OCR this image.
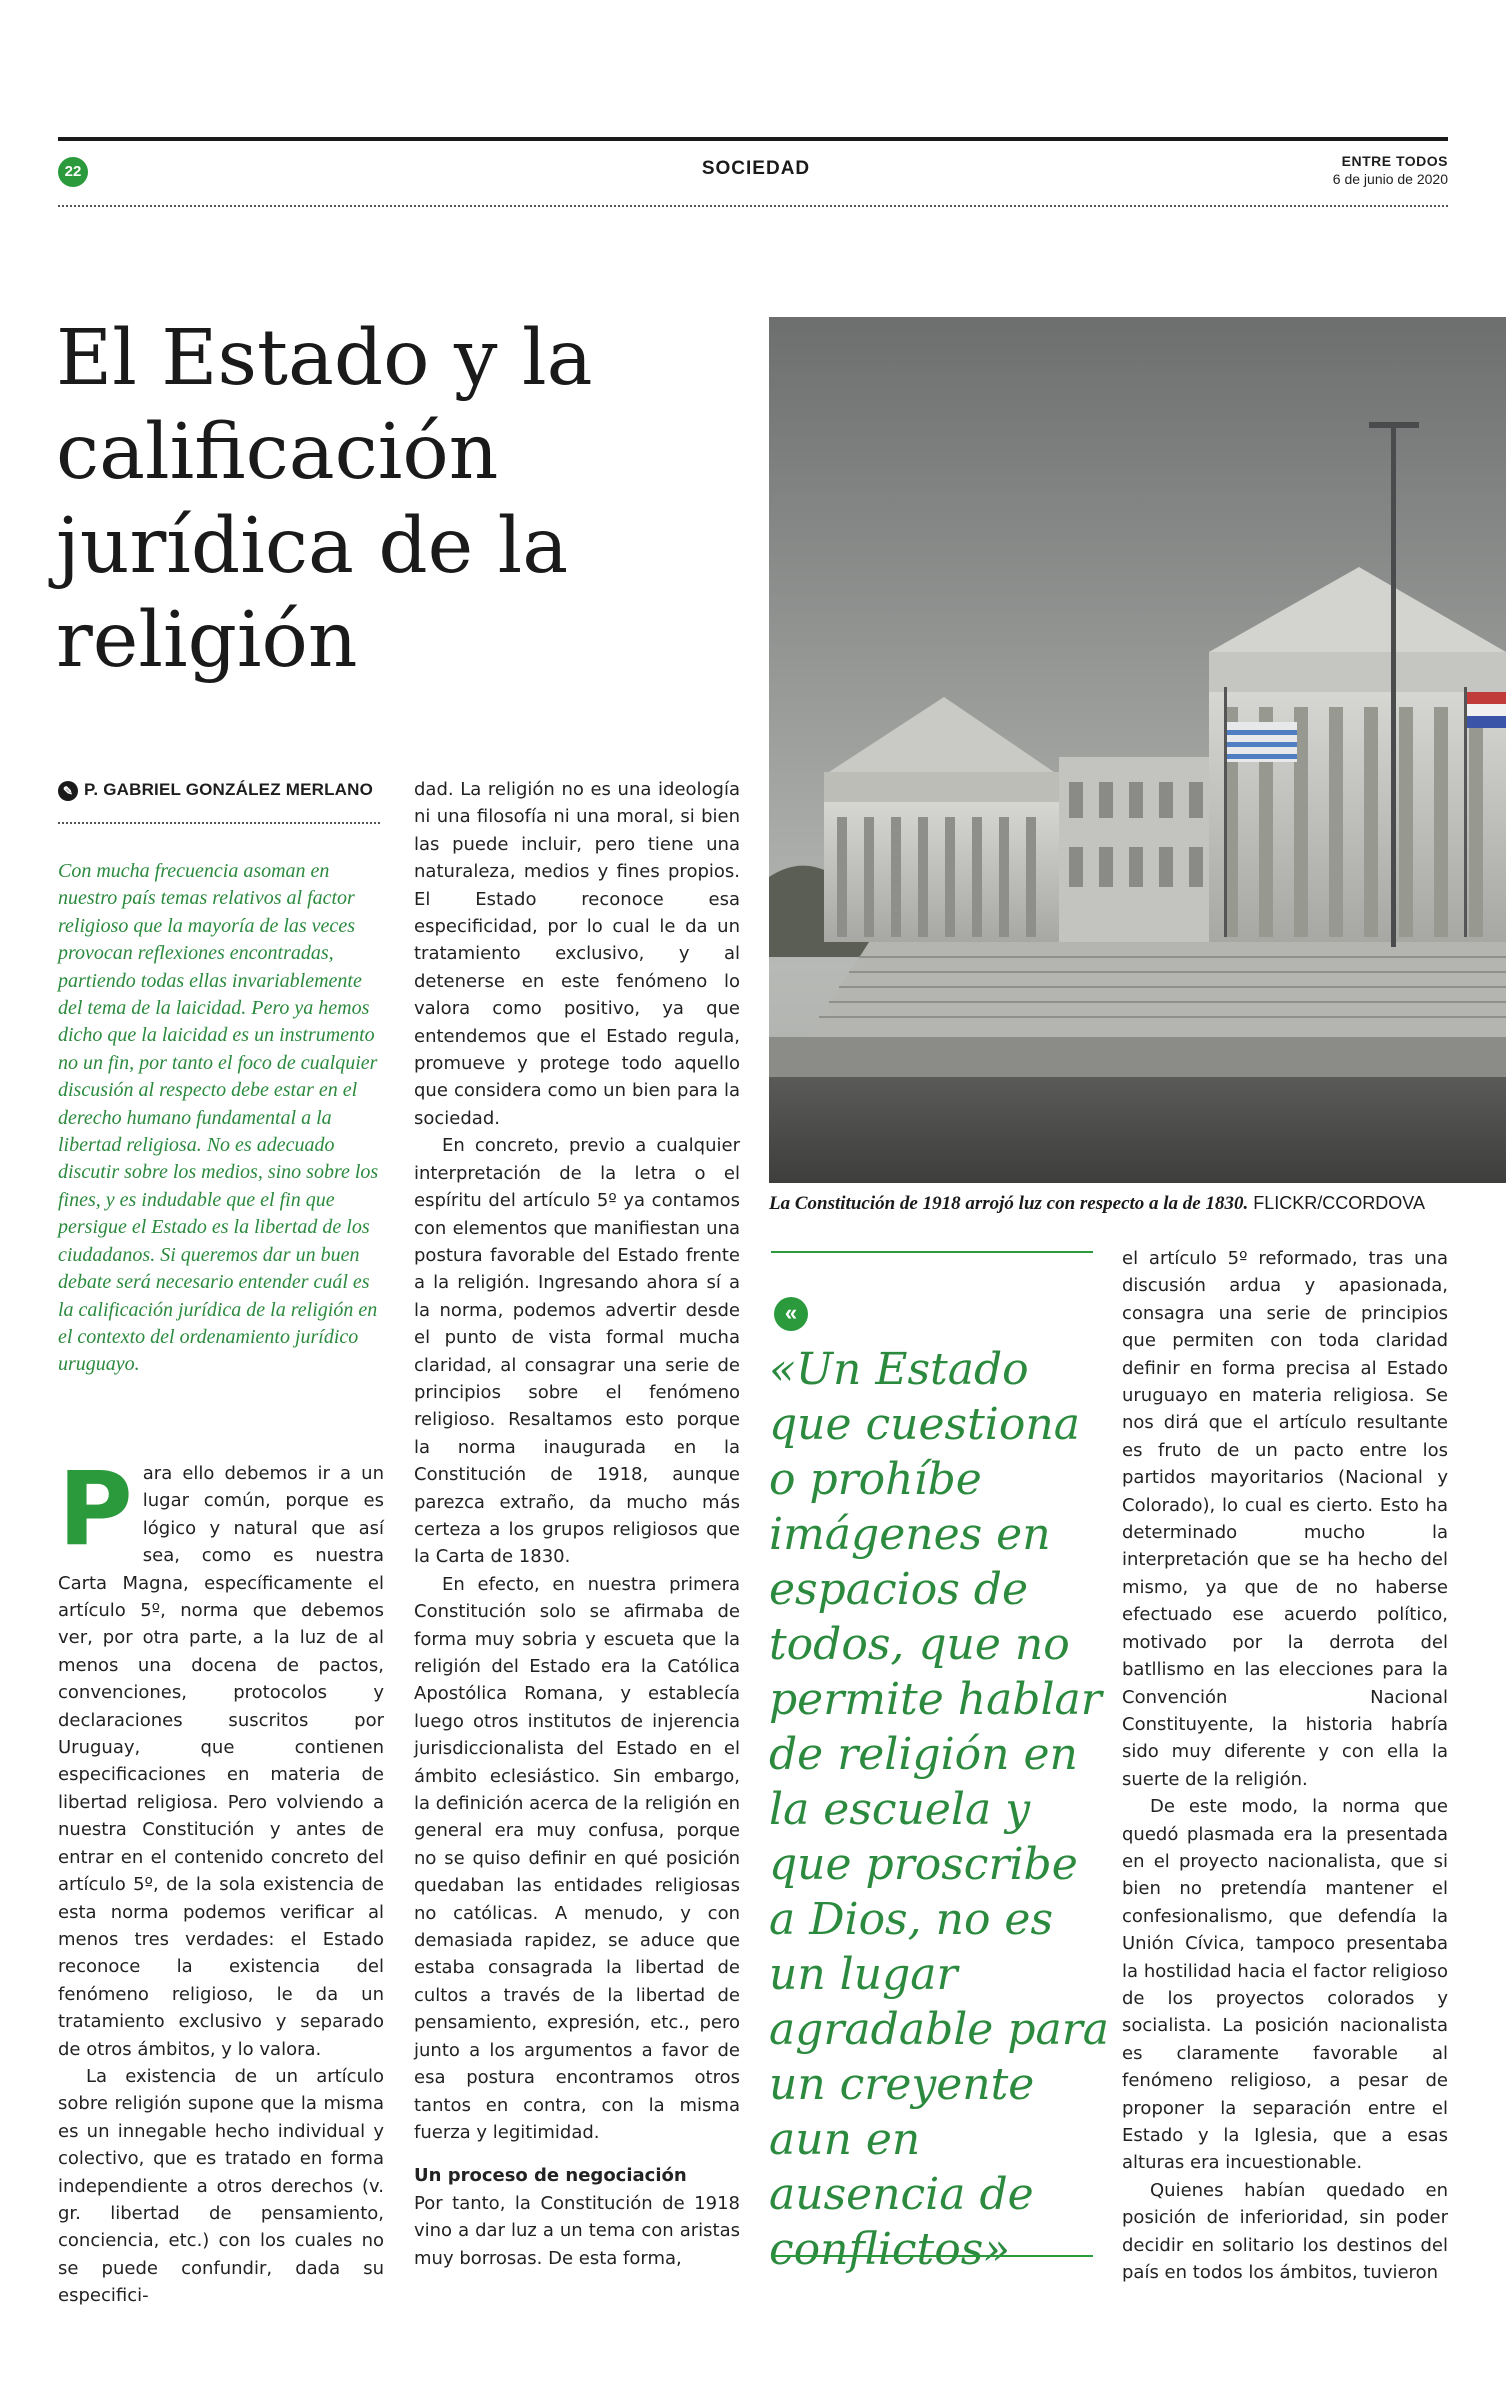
22	SOCIEDAD	ENTRE TODOS
6 de junio de 2020
El Estado y la calificación jurídica de la religión
La Constitución de 1918 arrojó luz con respecto a la de 1830. FLICKR/CCORDOVA
✎ P. GABRIEL GONZÁLEZ MERLANO
Con mucha frecuencia asoman en nuestro país temas relativos al factor religioso que la mayoría de las veces provocan reflexiones encontradas, partiendo todas ellas invariablemente del tema de la laicidad. Pero ya hemos dicho que la laicidad es un instrumento no un fin, por tanto el foco de cualquier discusión al respecto debe estar en el derecho humano fundamental a la libertad religiosa. No es adecuado discutir sobre los medios, sino sobre los fines, y es indudable que el fin que persigue el Estado es la libertad de los ciudadanos. Si queremos dar un buen debate será necesario entender cuál es la calificación jurídica de la religión en el contexto del ordenamiento jurídico uruguayo.
P ara ello debemos ir a un lugar común, porque es lógico y natural que así sea, como es nuestra Carta Magna, específicamente el artículo 5º, norma que debemos ver, por otra parte, a la luz de al menos una docena de pactos, convenciones, protocolos y declaraciones suscritos por Uruguay, que contienen especificaciones en materia de libertad religiosa. Pero volviendo a nuestra Constitución y antes de entrar en el contenido concreto del artículo 5º, de la sola existencia de esta norma podemos verificar al menos tres verdades: el Estado reconoce la existencia del fenómeno religioso, le da un tratamiento exclusivo y separado de otros ámbitos, y lo valora.

La existencia de un artículo sobre religión supone que la misma es un innegable hecho individual y colectivo, que es tratado en forma independiente a otros derechos (v. gr. libertad de pensamiento, conciencia, etc.) con los cuales no se puede confundir, dada su especifici-

dad. La religión no es una ideología ni una filosofía ni una moral, si bien las puede incluir, pero tiene una naturaleza, medios y fines propios. El Estado reconoce esa especificidad, por lo cual le da un tratamiento exclusivo, y al detenerse en este fenómeno lo valora como positivo, ya que entendemos que el Estado regula, promueve y protege todo aquello que considera como un bien para la sociedad.

En concreto, previo a cualquier interpretación de la letra o el espíritu del artículo 5º ya contamos con elementos que manifiestan una postura favorable del Estado frente a la religión. Ingresando ahora sí a la norma, podemos advertir desde el punto de vista formal mucha claridad, al consagrar una serie de principios sobre el fenómeno religioso. Resaltamos esto porque la norma inaugurada en la Constitución de 1918, aunque parezca extraño, da mucho más certeza a los grupos religiosos que la Carta de 1830.

En efecto, en nuestra primera Constitución solo se afirmaba de forma muy sobria y escueta que la religión del Estado era la Católica Apostólica Romana, y establecía luego otros institutos de injerencia jurisdiccionalista del Estado en el ámbito eclesiástico. Sin embargo, la definición acerca de la religión en general era muy confusa, porque no se quiso definir en qué posición quedaban las entidades religiosas no católicas. A menudo, y con demasiada rapidez, se aduce que estaba consagrada la libertad de cultos a través de la libertad de pensamiento, expresión, etc., pero junto a los argumentos a favor de esa postura encontramos otros tantos en contra, con la misma fuerza y legitimidad.

Un proceso de negociación

Por tanto, la Constitución de 1918 vino a dar luz a un tema con aristas muy borrosas. De esta forma,

«

«Un Estado que cuestiona o prohíbe imágenes en espacios de todos, que no permite hablar de religión en la escuela y que proscribe a Dios, no es un lugar agradable para un creyente aun en ausencia de conflictos»

el artículo 5º reformado, tras una discusión ardua y apasionada, consagra una serie de principios que permiten con toda claridad definir en forma precisa al Estado uruguayo en materia religiosa. Se nos dirá que el artículo resultante es fruto de un pacto entre los partidos mayoritarios (Nacional y Colorado), lo cual es cierto. Esto ha determinado mucho la interpretación que se ha hecho del mismo, ya que de no haberse efectuado ese acuerdo político, motivado por la derrota del batllismo en las elecciones para la Convención Nacional Constituyente, la historia habría sido muy diferente y con ella la suerte de la religión.

De este modo, la norma que quedó plasmada era la presentada en el proyecto nacionalista, que si bien no pretendía mantener el confesionalismo, que defendía la Unión Cívica, tampoco presentaba la hostilidad hacia el factor religioso de los proyectos colorados y socialista. La posición nacionalista es claramente favorable al fenómeno religioso, a pesar de proponer la separación entre el Estado y la Iglesia, que a esas alturas era incuestionable.

Quienes habían quedado en posición de inferioridad, sin poder decidir en solitario los destinos del país en todos los ámbitos, tuvieron
